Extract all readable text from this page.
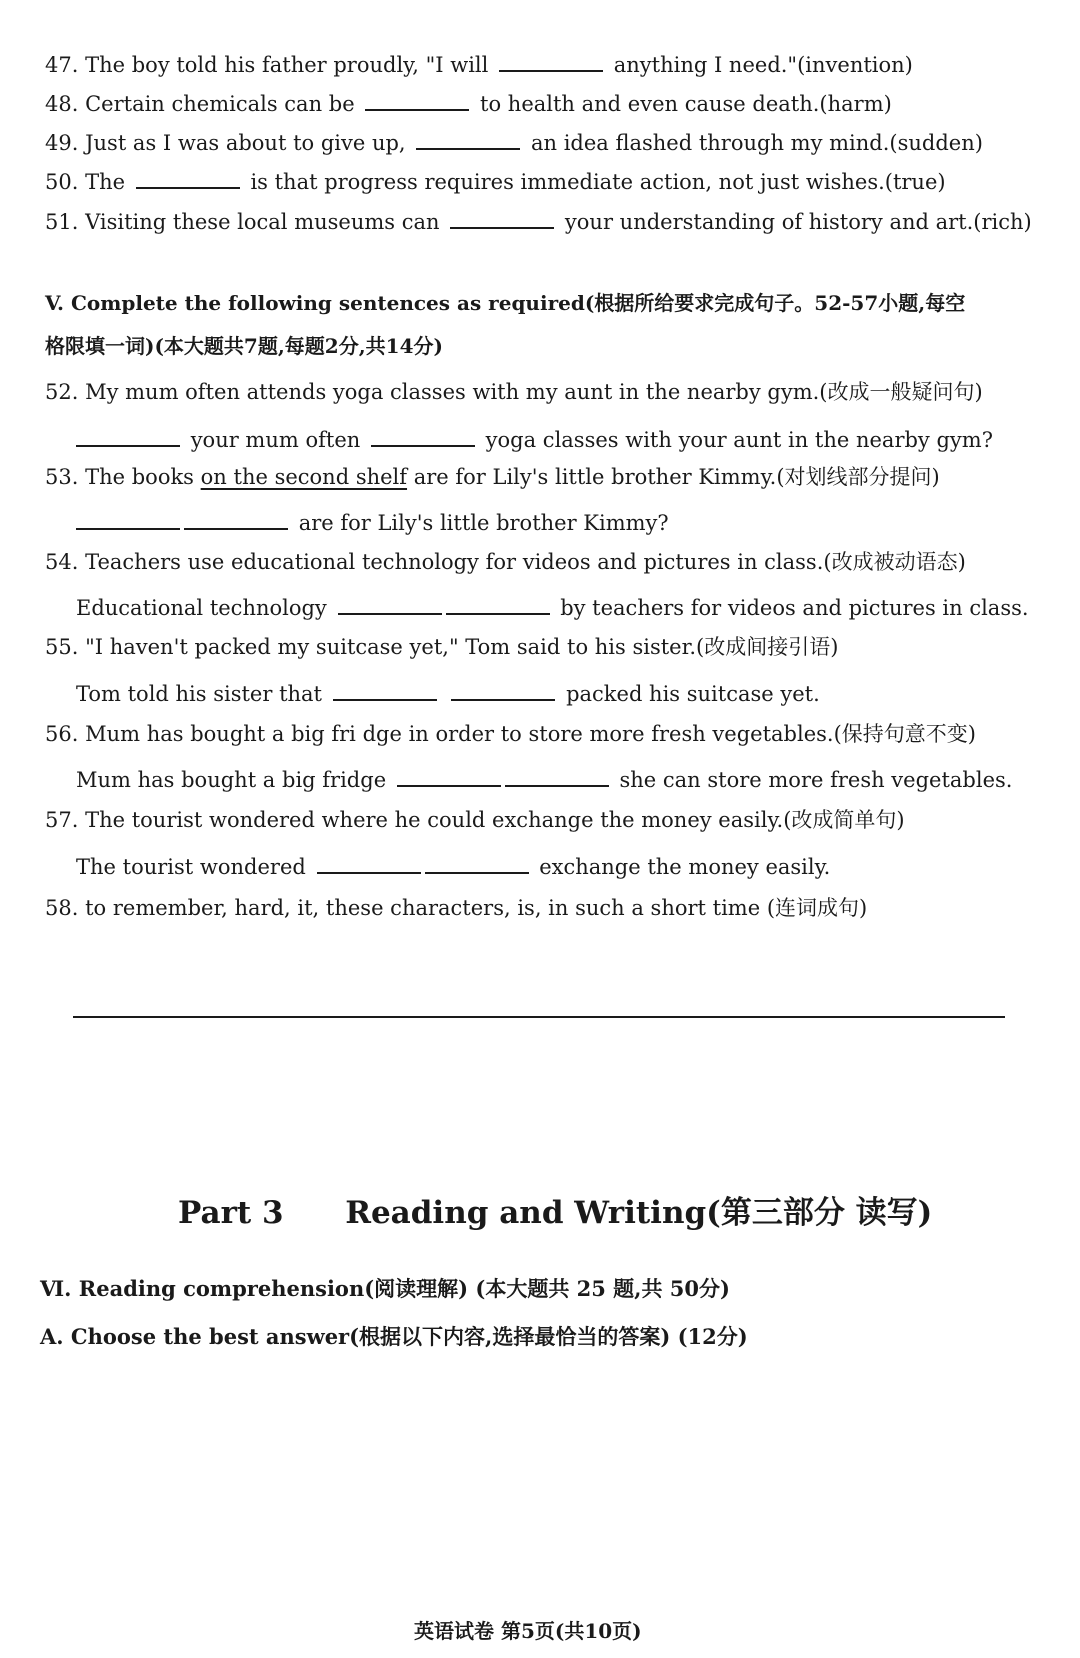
47. The boy told his father proudly, "I will	anything I need."(invention)
48. Certain chemicals can be	to health and even cause death.(harm)
49. Just as I was about to give up,	an idea flashed through my mind.(sudden)
50. The	is that progress requires immediate action, not just wishes.(true)
51. Visiting these local museums can	your understanding of history and art.(rich)
V. Complete the following sentences as required(根据所给要求完成句子。52-57小题,每空
格限填一词)(本大题共7题,每题2分,共14分)
52. My mum often attends yoga classes with my aunt in the nearby gym.(改成一般疑问句)
your mum often	yoga classes with your aunt in the nearby gym?
53. The books on the second shelf are for Lily's little brother Kimmy.(对划线部分提问)
are for Lily's little brother Kimmy?
54. Teachers use educational technology for videos and pictures in class.(改成被动语态)
Educational technology	by teachers for videos and pictures in class.
55. "I haven't packed my suitcase yet," Tom said to his sister.(改成间接引语)
Tom told his sister that	packed his suitcase yet.
56. Mum has bought a big fri dge in order to store more fresh vegetables.(保持句意不变)
Mum has bought a big fridge	she can store more fresh vegetables.
57. The tourist wondered where he could exchange the money easily.(改成简单句)
The tourist wondered	exchange the money easily.
58. to remember, hard, it, these characters, is, in such a short time (连词成句)
Part 3 Reading and Writing(第三部分 读写)
Ⅵ. Reading comprehension(阅读理解) (本大题共 25 题,共 50分)
A. Choose the best answer(根据以下内容,选择最恰当的答案) (12分)
英语试卷 第5页(共10页)
